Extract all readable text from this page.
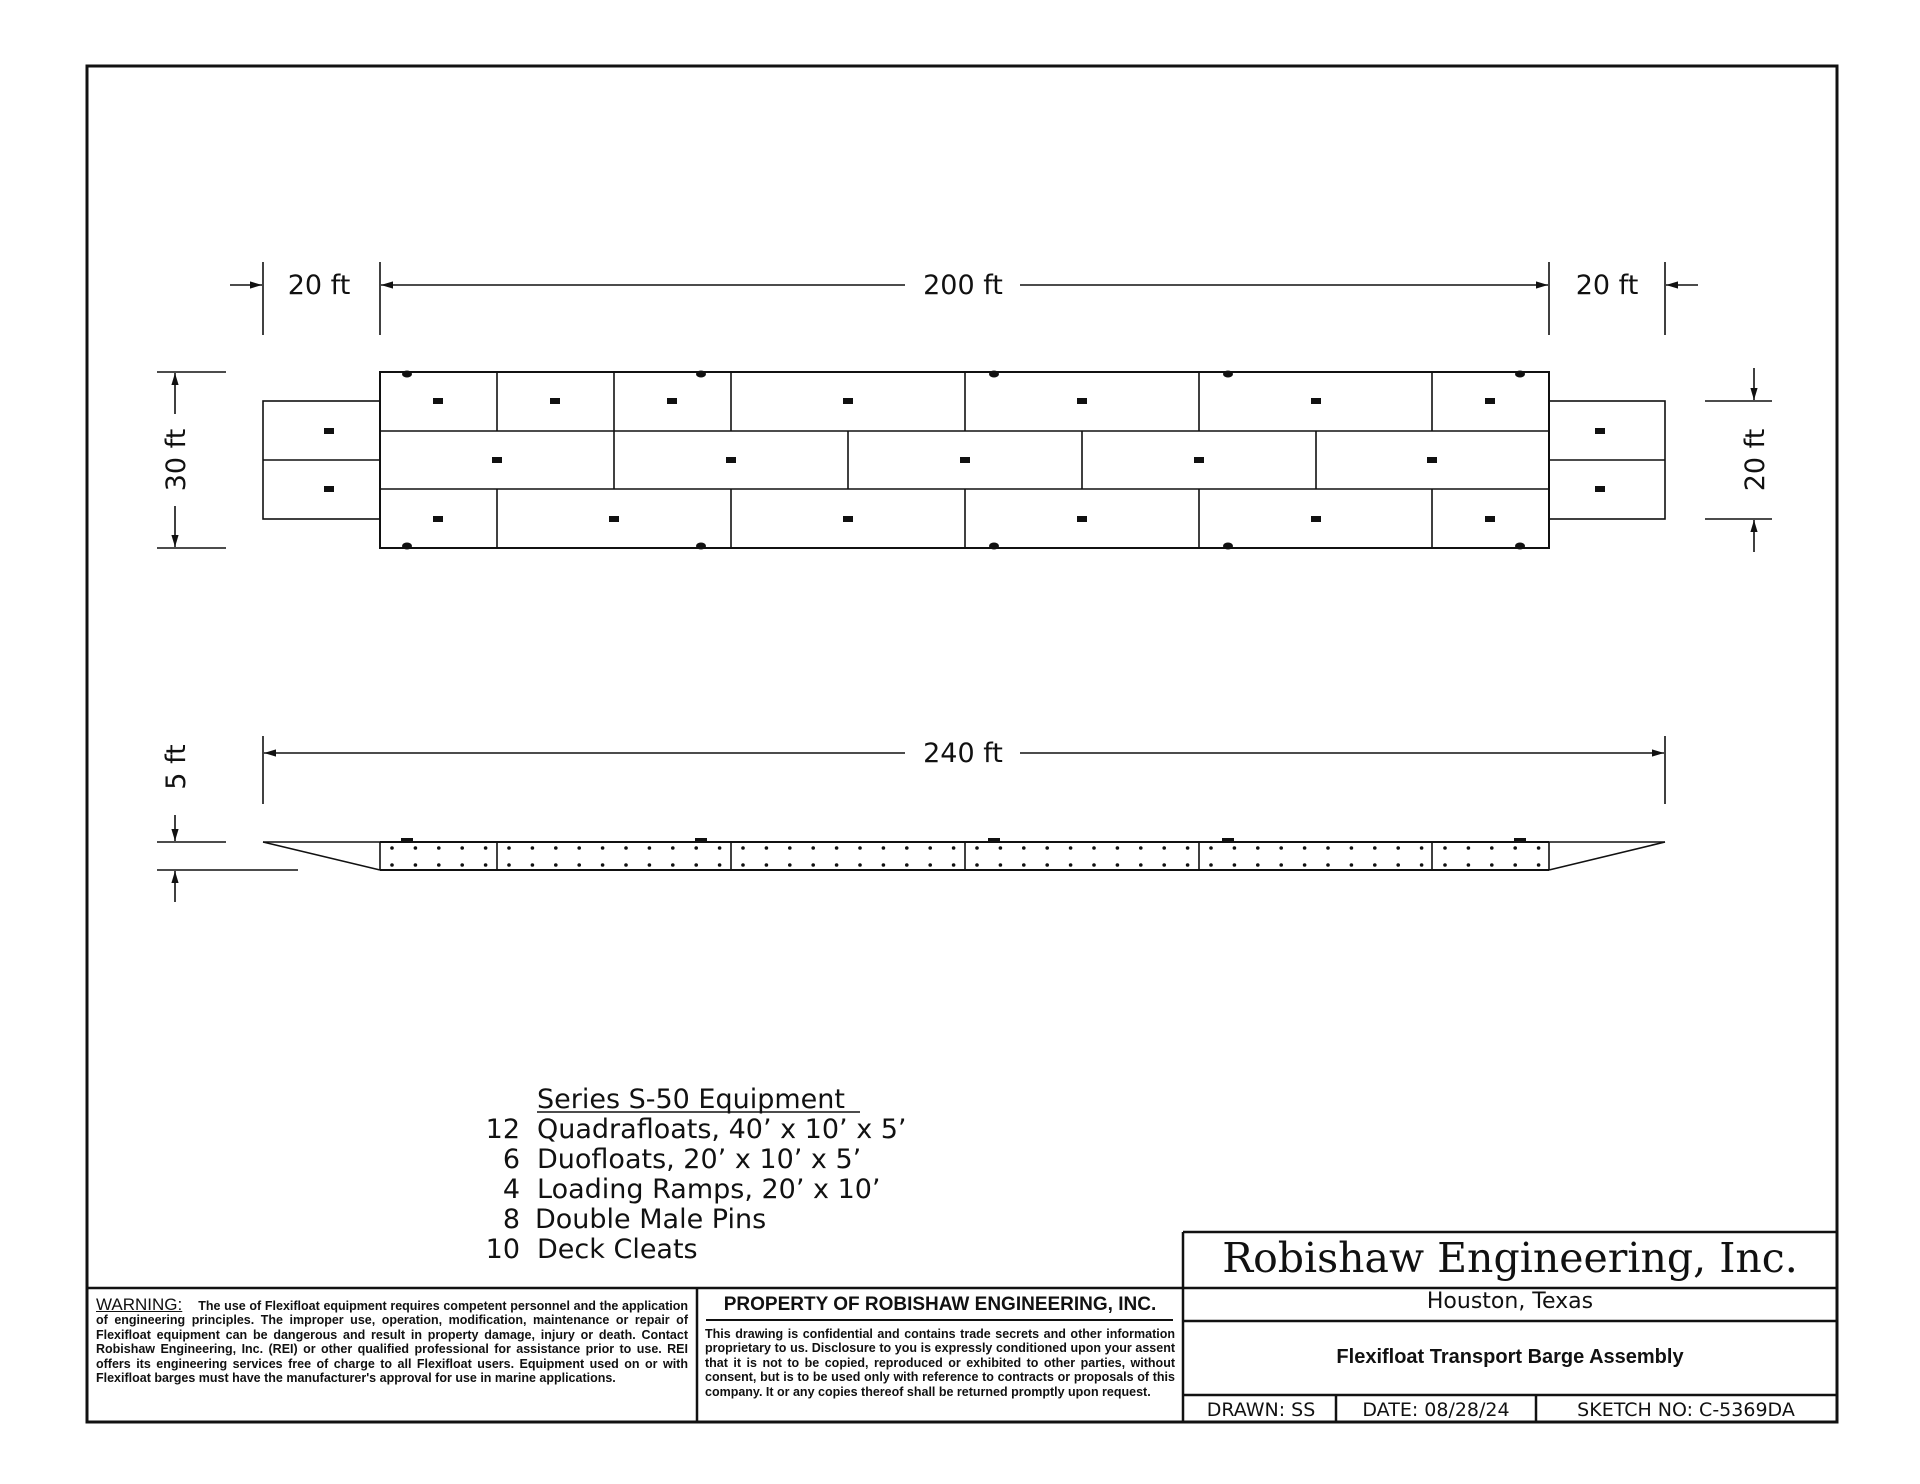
20 ft	200 ft	20 ft
30 ft	20 ft
240 ft
5 ft
Series S-50 Equipment
12 Quadrafloats, 40’ x 10’ x 5’
6 Duofloats, 20’ x 10’ x 5’
4 Loading Ramps, 20’ x 10’
8 Double Male Pins
10 Deck Cleats
WARNING: The use of Flexifloat equipment requires competent personnel and the application of engineering principles. The improper use, operation, modification, maintenance or repair of Flexifloat equipment can be dangerous and result in property damage, injury or death. Contact Robishaw Engineering, Inc. (REI) or other qualified professional for assistance prior to use. REI offers its engineering services free of charge to all Flexifloat users. Equipment used on or with Flexifloat barges must have the manufacturer's approval for use in marine applications.
PROPERTY OF ROBISHAW ENGINEERING, INC.
This drawing is confidential and contains trade secrets and other information proprietary to us. Disclosure to you is expressly conditioned upon your assent that it is not to be copied, reproduced or exhibited to other parties, without consent, but is to be used only with reference to contracts or proposals of this company. It or any copies thereof shall be returned promptly upon request.
Robishaw Engineering, Inc.
Houston, Texas
Flexifloat Transport Barge Assembly
DRAWN: SS	DATE: 08/28/24	SKETCH NO: C-5369DA
